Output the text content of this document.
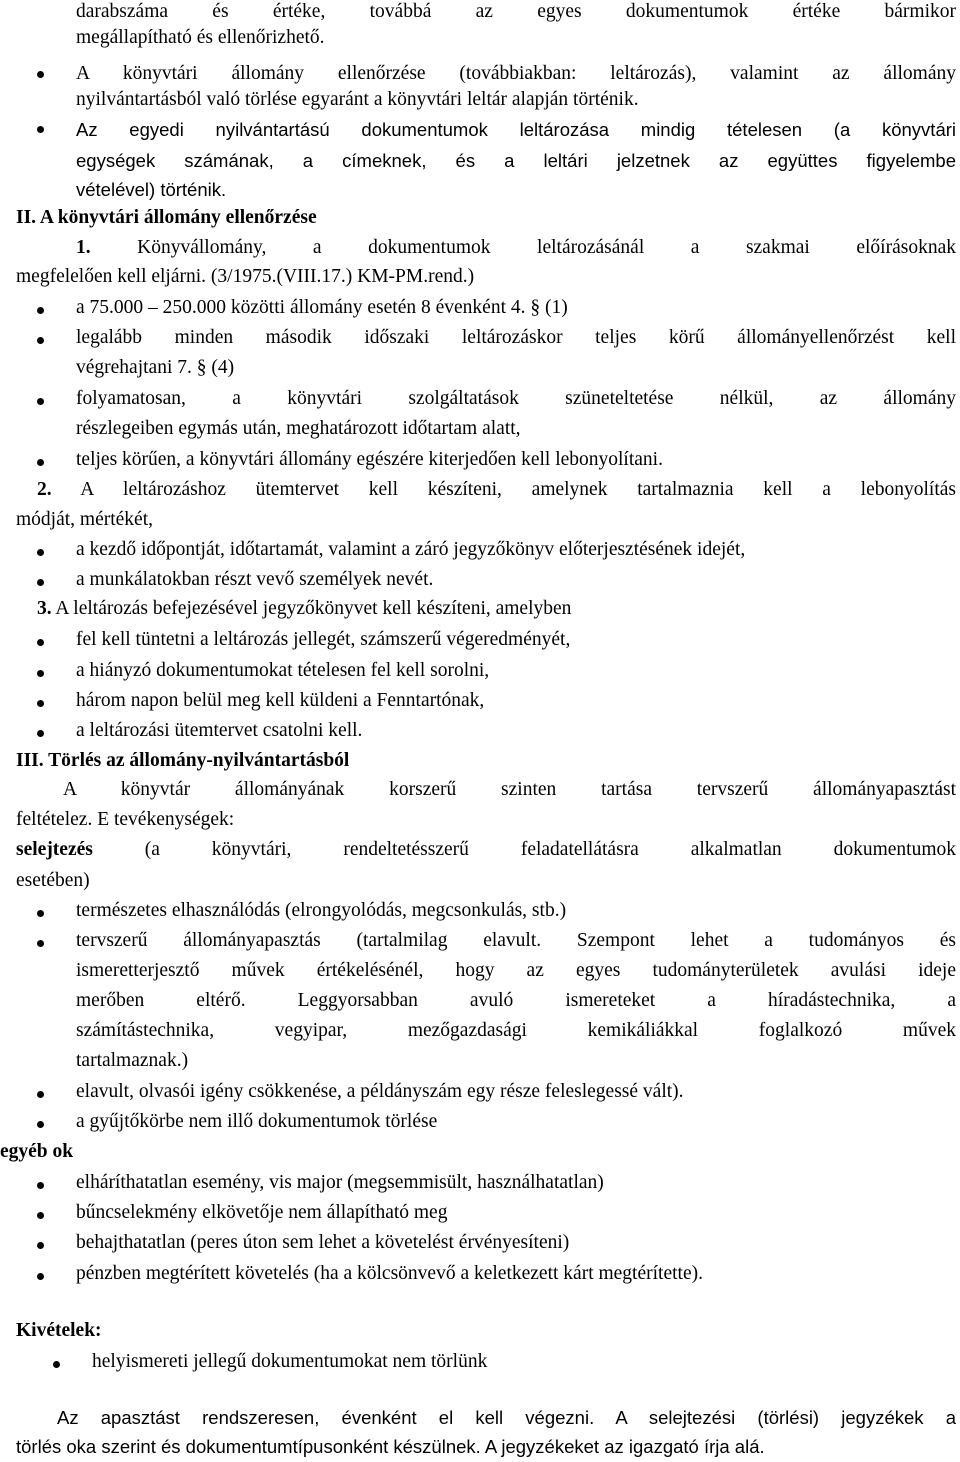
darabszáma és értéke, továbbá az egyes dokumentumok értéke bármikor
megállapítható és ellenőrizhető.
A könyvtári állomány ellenőrzése (továbbiakban: leltározás), valamint az állomány
nyilvántartásból való törlése egyaránt a könyvtári leltár alapján történik.
Az egyedi nyilvántartású dokumentumok leltározása mindig tételesen (a könyvtári
egységek számának, a címeknek, és a leltári jelzetnek az együttes figyelembe
vételével) történik.
II. A könyvtári állomány ellenőrzése
1. Könyvállomány, a dokumentumok leltározásánál a szakmai előírásoknak
megfelelően kell eljárni. (3/1975.(VIII.17.) KM-PM.rend.)
a 75.000 – 250.000 közötti állomány esetén 8 évenként 4. § (1)
legalább minden második időszaki leltározáskor teljes körű állományellenőrzést kell
végrehajtani 7. § (4)
folyamatosan, a könyvtári szolgáltatások szüneteltetése nélkül, az állomány
részlegeiben egymás után, meghatározott időtartam alatt,
teljes körűen, a könyvtári állomány egészére kiterjedően kell lebonyolítani.
2. A leltározáshoz ütemtervet kell készíteni, amelynek tartalmaznia kell a lebonyolítás
módját, mértékét,
a kezdő időpontját, időtartamát, valamint a záró jegyzőkönyv előterjesztésének idejét,
a munkálatokban részt vevő személyek nevét.
3. A leltározás befejezésével jegyzőkönyvet kell készíteni, amelyben
fel kell tüntetni a leltározás jellegét, számszerű végeredményét,
a hiányzó dokumentumokat tételesen fel kell sorolni,
három napon belül meg kell küldeni a Fenntartónak,
a leltározási ütemtervet csatolni kell.
III. Törlés az állomány-nyilvántartásból
A könyvtár állományának korszerű szinten tartása tervszerű állományapasztást
feltételez. E tevékenységek:
selejtezés (a könyvtári, rendeltetésszerű feladatellátásra alkalmatlan dokumentumok
esetében)
természetes elhasználódás (elrongyolódás, megcsonkulás, stb.)
tervszerű állományapasztás (tartalmilag elavult. Szempont lehet a tudományos és
ismeretterjesztő művek értékelésénél, hogy az egyes tudományterületek avulási ideje
merőben eltérő. Leggyorsabban avuló ismereteket a híradástechnika, a
számítástechnika, vegyipar, mezőgazdasági kemikáliákkal foglalkozó művek
tartalmaznak.)
elavult, olvasói igény csökkenése, a példányszám egy része feleslegessé vált).
a gyűjtőkörbe nem illő dokumentumok törlése
egyéb ok
elháríthatatlan esemény, vis major (megsemmisült, használhatatlan)
bűncselekmény elkövetője nem állapítható meg
behajthatatlan (peres úton sem lehet a követelést érvényesíteni)
pénzben megtérített követelés (ha a kölcsönvevő a keletkezett kárt megtérítette).
Kivételek:
helyismereti jellegű dokumentumokat nem törlünk
Az apasztást rendszeresen, évenként el kell végezni. A selejtezési (törlési) jegyzékek a
törlés oka szerint és dokumentumtípusonként készülnek. A jegyzékeket az igazgató írja alá.
